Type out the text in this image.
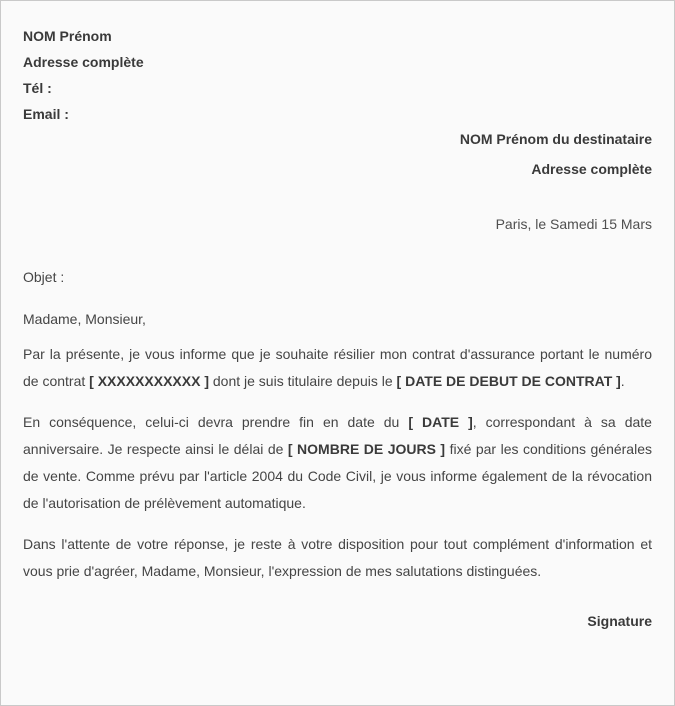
NOM Prénom
Adresse complète
Tél :
Email :
NOM Prénom du destinataire
Adresse complète
Paris, le Samedi 15 Mars
Objet :
Madame, Monsieur,

Par la présente, je vous informe que je souhaite résilier mon contrat d'assurance portant le numéro de contrat [ XXXXXXXXXXX ] dont je suis titulaire depuis le [ DATE DE DEBUT DE CONTRAT ].

En conséquence, celui-ci devra prendre fin en date du [ DATE ], correspondant à sa date anniversaire. Je respecte ainsi le délai de [ NOMBRE DE JOURS ] fixé par les conditions générales de vente. Comme prévu par l'article 2004 du Code Civil, je vous informe également de la révocation de l'autorisation de prélèvement automatique.

Dans l'attente de votre réponse, je reste à votre disposition pour tout complément d'information et vous prie d'agréer, Madame, Monsieur, l'expression de mes salutations distinguées.

Signature
